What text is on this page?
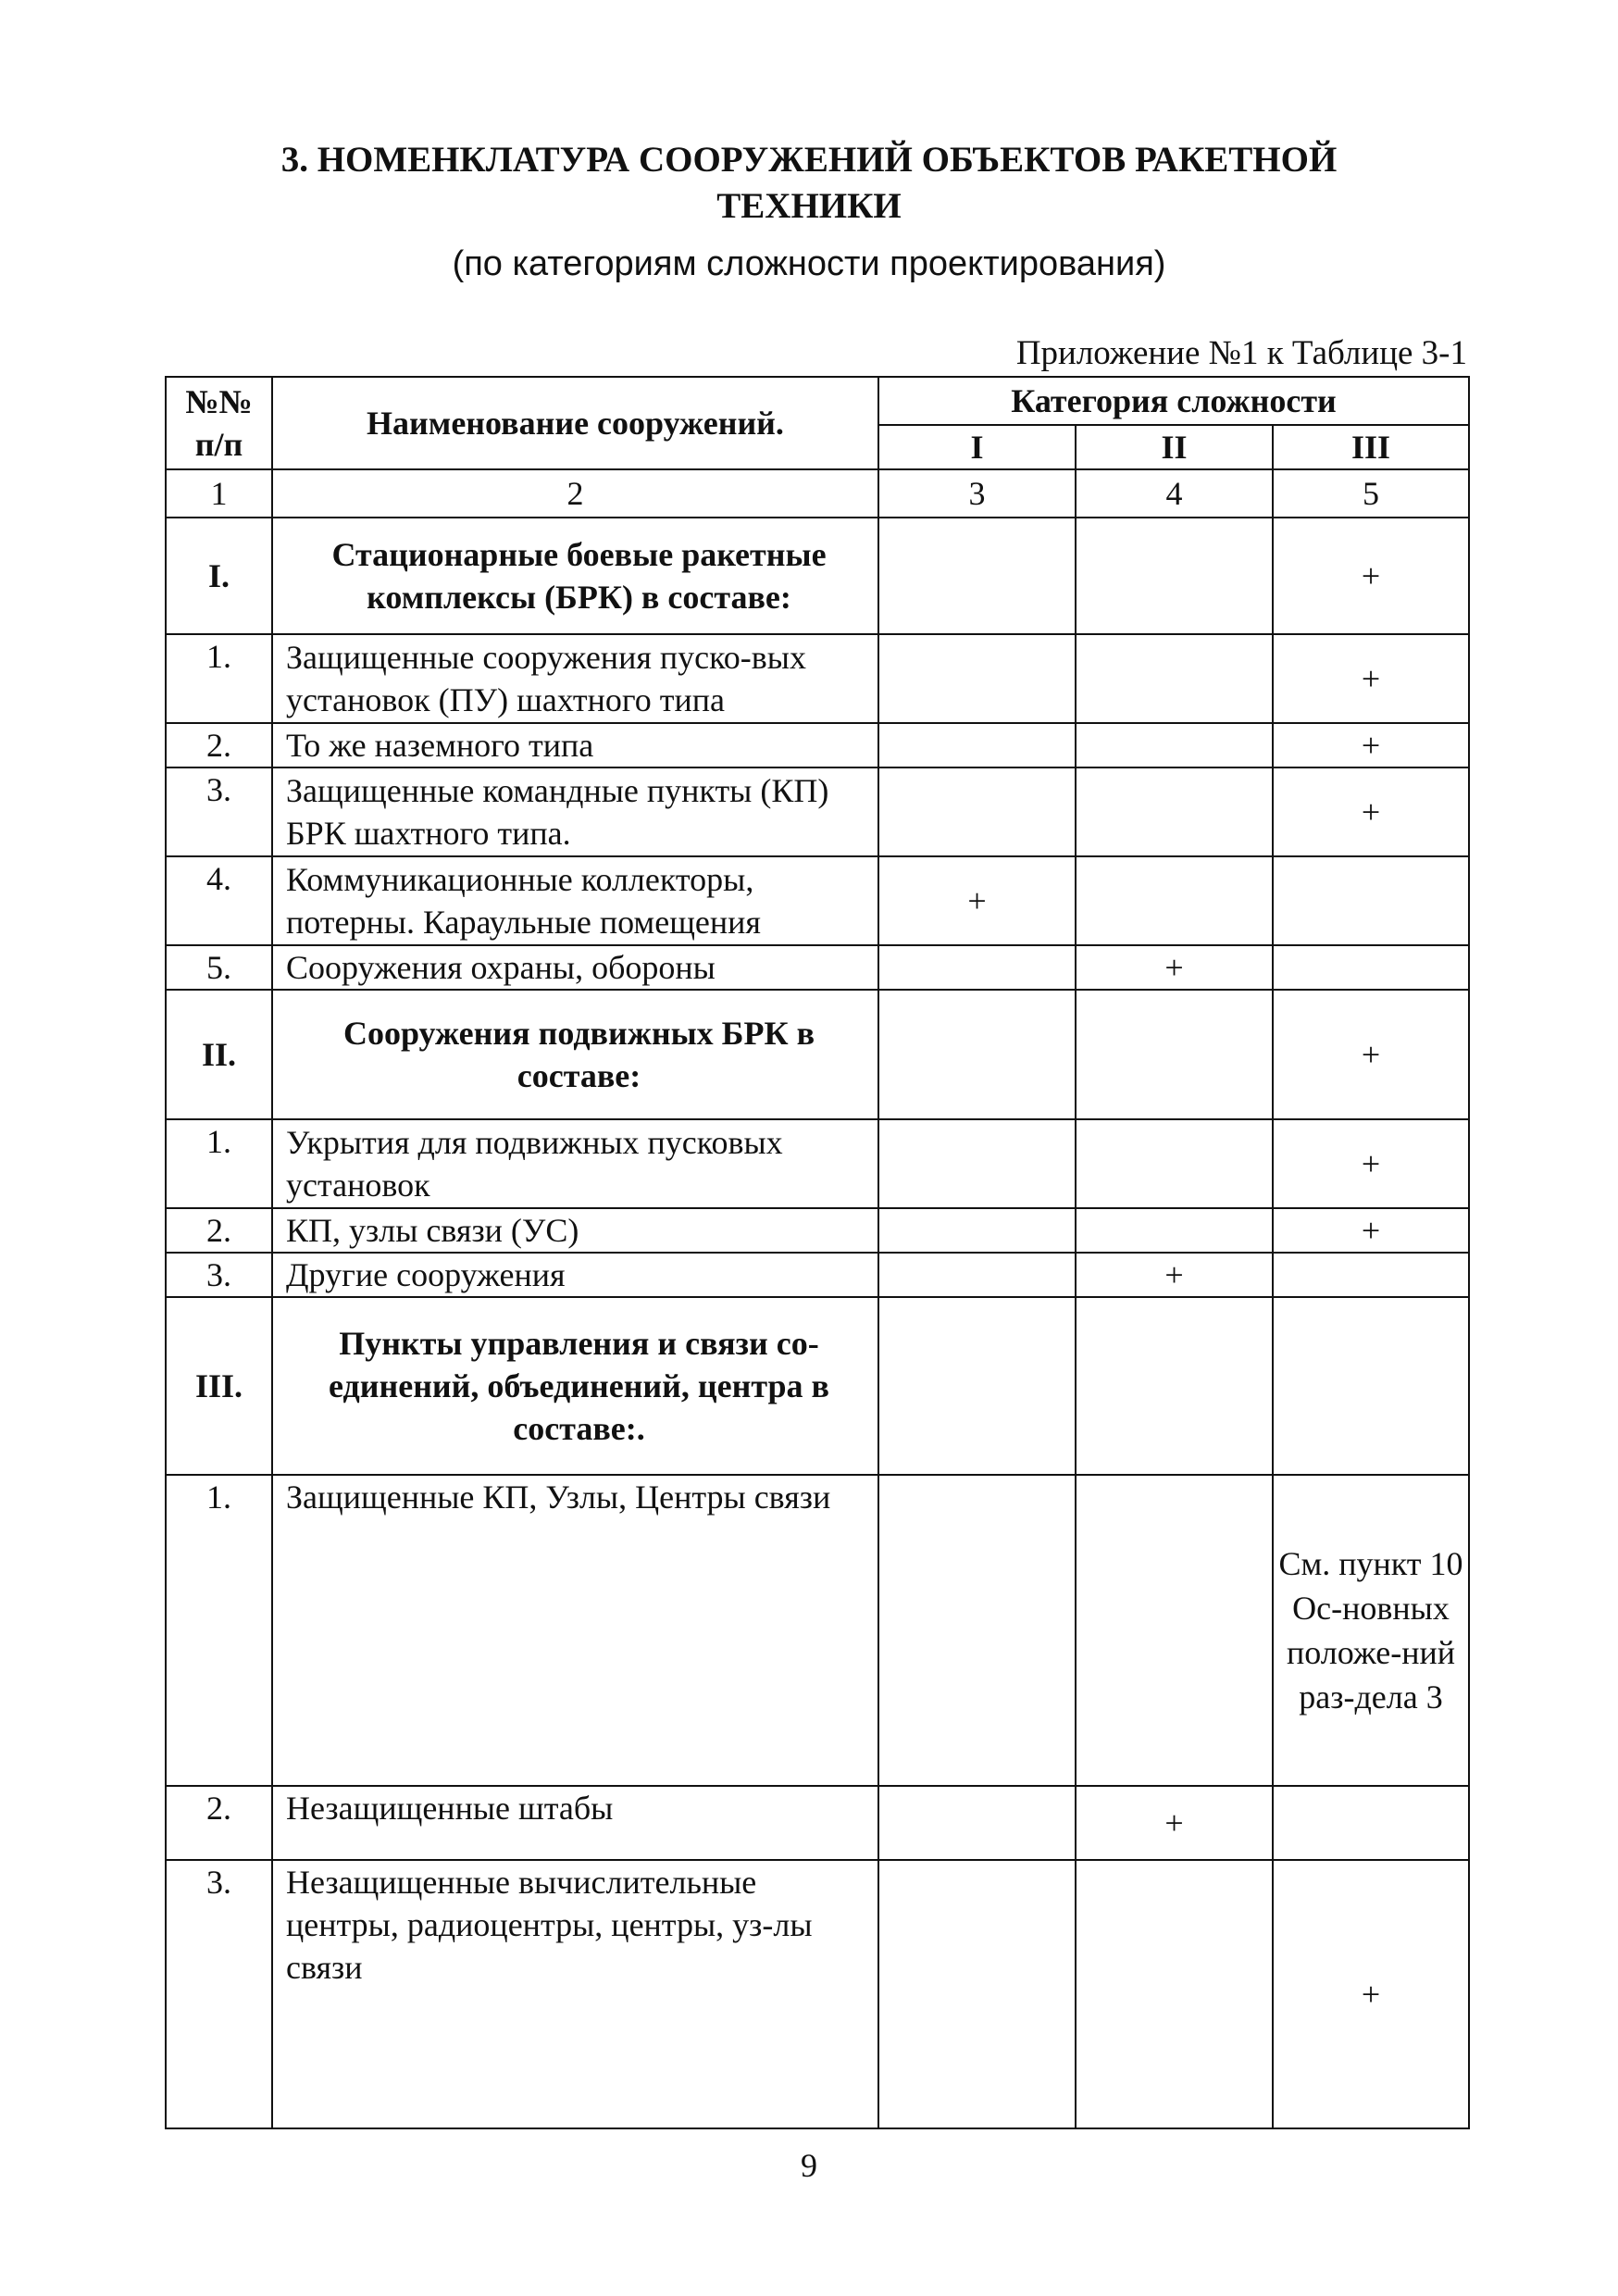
3. НОМЕНКЛАТУРА СООРУЖЕНИЙ ОБЪЕКТОВ РАКЕТНОЙ
ТЕХНИКИ
(по категориям сложности проектирования)
Приложение №1 к Таблице 3-1
№№
п/п	Наименование сооружений.	Категория сложности		
		I	II	III
1	2	3	4	5
I.	Стационарные боевые ракетные комплексы (БРК) в составе:			+
1.	Защищенные сооружения пуско-вых установок (ПУ) шахтного типа			+
2.	То же наземного типа			+
3.	Защищенные командные пункты (КП) БРК шахтного типа.			+
4.	Коммуникационные коллекторы, потерны. Караульные помещения	+		
5.	Сооружения охраны, обороны		+	
II.	Сооружения подвижных БРК в составе:			+
1.	Укрытия для подвижных пусковых установок			+
2.	КП, узлы связи (УС)			+
3.	Другие сооружения		+	
III.	Пункты управления и связи со-единений, объединений, центра в составе:.			
1.	Защищенные КП, Узлы, Центры связи			См. пункт 10 Ос-новных положе-ний раз-дела 3
2.	Незащищенные штабы		+	
3.	Незащищенные вычислительные центры, радиоцентры, центры, уз-лы связи			+
9
